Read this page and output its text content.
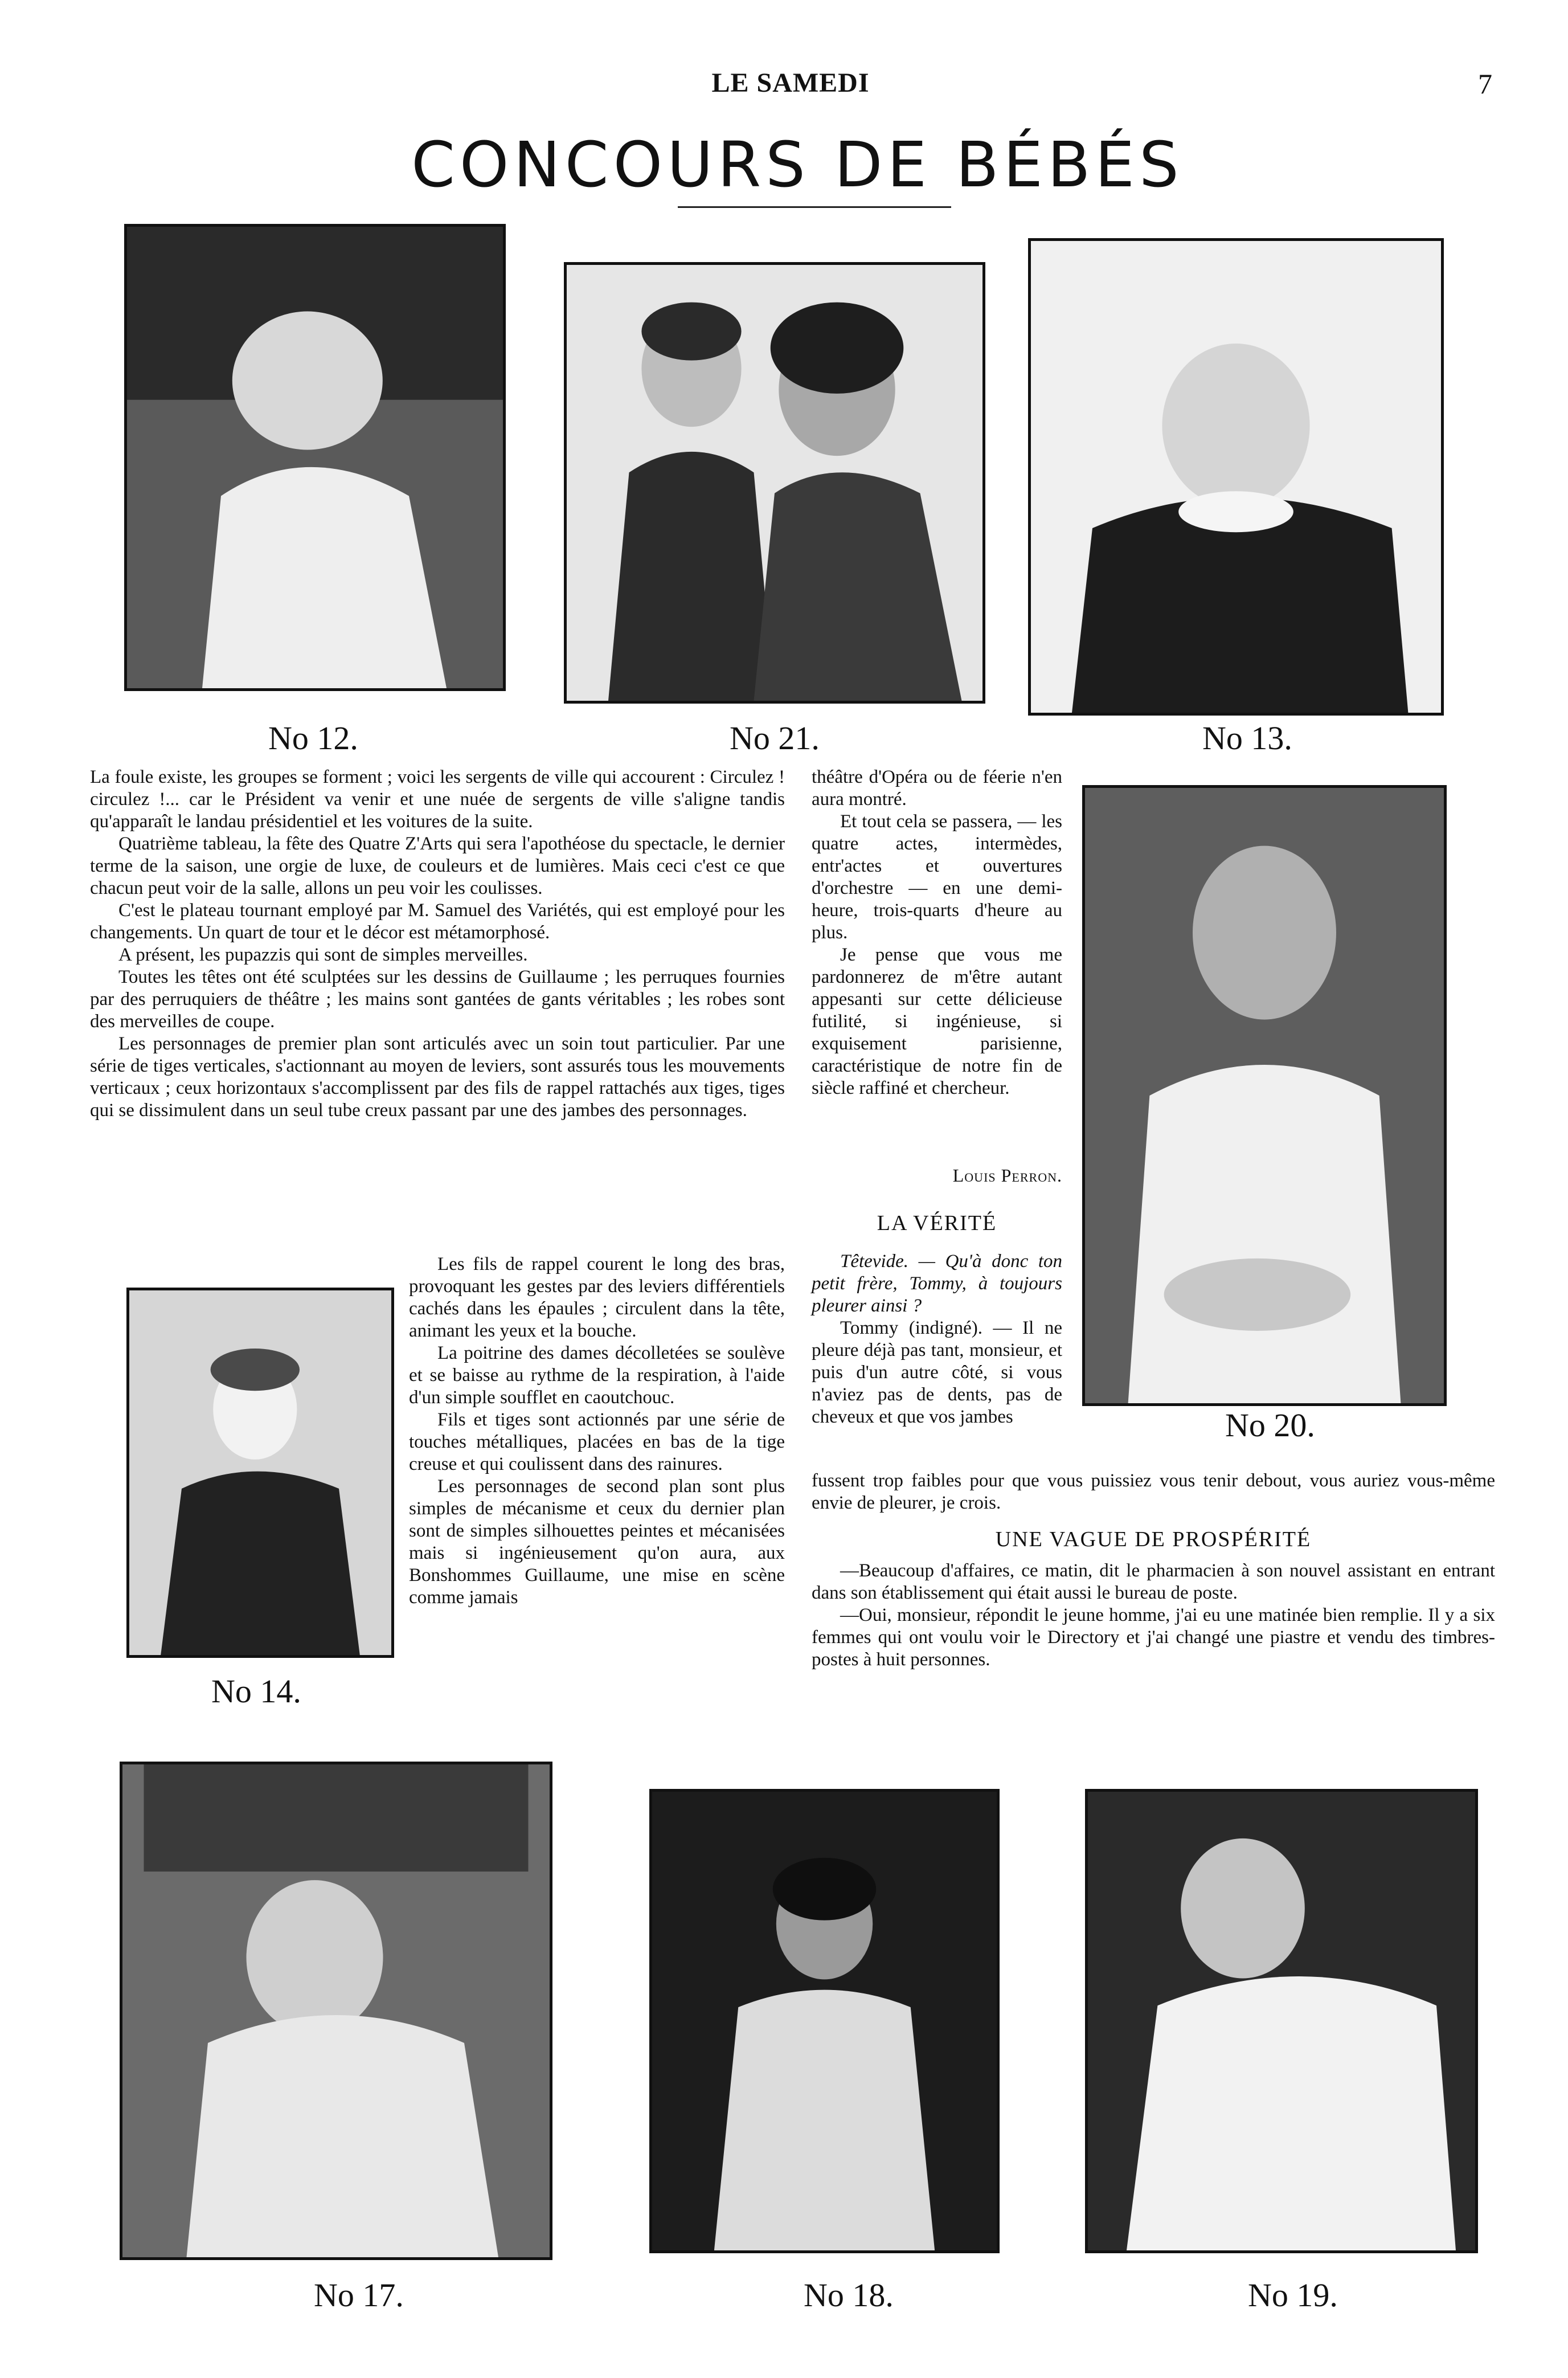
LE SAMEDI	7
CONCOURS DE BÉBÉS
No 12.	No 21.	No 13.

La foule existe, les groupes se forment ; voici les sergents de ville qui accourent : Circulez ! circulez !... car le Président va venir et une nuée de sergents de ville s'aligne tandis qu'apparaît le landau présidentiel et les voitures de la suite.

Quatrième tableau, la fête des Quatre Z'Arts qui sera l'apothéose du spectacle, le dernier terme de la saison, une orgie de luxe, de couleurs et de lumières. Mais ceci c'est ce que chacun peut voir de la salle, allons un peu voir les coulisses.

C'est le plateau tournant employé par M. Samuel des Variétés, qui est employé pour les changements. Un quart de tour et le décor est métamorphosé.

A présent, les pupazzis qui sont de simples merveilles.

Toutes les têtes ont été sculptées sur les dessins de Guillaume ; les perruques fournies par des perruquiers de théâtre ; les mains sont gantées de gants véritables ; les robes sont des merveilles de coupe.

Les personnages de premier plan sont articulés avec un soin tout particulier. Par une série de tiges verticales, s'actionnant au moyen de leviers, sont assurés tous les mouvements verticaux ; ceux horizontaux s'accomplissent par des fils de rappel rattachés aux tiges, tiges qui se dissimulent dans un seul tube creux passant par une des jambes des personnages.

No 14.

Les fils de rappel courent le long des bras, provoquant les gestes par des leviers différentiels cachés dans les épaules ; circulent dans la tête, animant les yeux et la bouche.

La poitrine des dames décolletées se soulève et se baisse au rythme de la respiration, à l'aide d'un simple soufflet en caoutchouc.

Fils et tiges sont actionnés par une série de touches métalliques, placées en bas de la tige creuse et qui coulissent dans des rainures.

Les personnages de second plan sont plus simples de mécanisme et ceux du dernier plan sont de simples silhouettes peintes et mécanisées mais si ingénieusement qu'on aura, aux Bonshommes Guillaume, une mise en scène comme jamais

théâtre d'Opéra ou de féerie n'en aura montré.

Et tout cela se passera, — les quatre actes, intermèdes, entr'actes et ouvertures d'orchestre — en une demi-heure, trois-quarts d'heure au plus.

Je pense que vous me pardonnerez de m'être autant appesanti sur cette délicieuse futilité, si ingénieuse, si exquisement parisienne, caractéristique de notre fin de siècle raffiné et chercheur.

Louis Perron.
No 20.
LA VÉRITÉ

Têtevide. — Qu'à donc ton petit frère, Tommy, à toujours pleurer ainsi ?

Tommy (indigné). — Il ne pleure déjà pas tant, monsieur, et puis d'un autre côté, si vous n'aviez pas de dents, pas de cheveux et que vos jambes

fussent trop faibles pour que vous puissiez vous tenir debout, vous auriez vous-même envie de pleurer, je crois.

UNE VAGUE DE PROSPÉRITÉ

—Beaucoup d'affaires, ce matin, dit le pharmacien à son nouvel assistant en entrant dans son établissement qui était aussi le bureau de poste.

—Oui, monsieur, répondit le jeune homme, j'ai eu une matinée bien remplie. Il y a six femmes qui ont voulu voir le Directory et j'ai changé une piastre et vendu des timbres-postes à huit personnes.

No 17.	No 18.	No 19.
